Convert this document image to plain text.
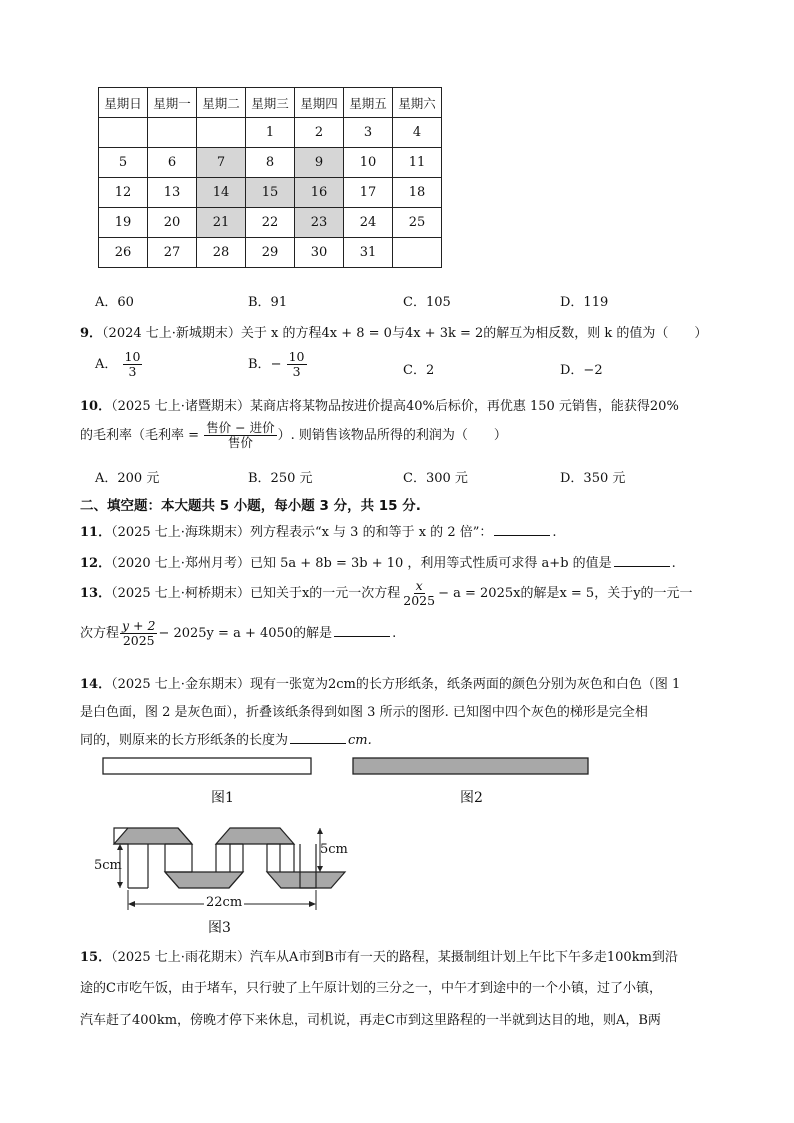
星期日	星期一	星期二	星期三	星期四	星期五	星期六
			1	2	3	4
5	6	7	8	9	10	11
12	13	14	15	16	17	18
19	20	21	22	23	24	25
26	27	28	29	30	31	
A．60	B．91	C．105	D．119
9．（2024 七上·新城期末）关于 x 的方程4x + 8 = 0与4x + 3k = 2的解互为相反数，则 k 的值为（　　）
A． $\frac{10}{3}$	B．− $\frac{10}{3}$	C．2	D．−2
10．（2025 七上·诸暨期末）某商店将某物品按进价提高40%后标价，再优惠 150 元销售，能获得20%
的毛利率（毛利率 = $\frac{\text{售价 − 进价}}{\text{售价}}$ ）. 则销售该物品所得的利润为（　　）
A．200 元	B．250 元	C．300 元	D．350 元
二、填空题：本大题共 5 小题，每小题 3 分，共 15 分.
11．（2025 七上·海珠期末）列方程表示“x 与 3 的和等于 x 的 2 倍”：	.
12．（2020 七上·郑州月考）已知 5a + 8b = 3b + 10 ，利用等式性质可求得 a+b 的值是	.
13．（2025 七上·柯桥期末）已知关于x的一元一次方程 $\frac{x}{2025} - a = 2025x$的解是x = 5，关于y的一元一
次方程 $\frac{y + 2}{2025} - 2025y = a + 4050$的解是	.
14．（2025 七上·金东期末）现有一张宽为2cm的长方形纸条，纸条两面的颜色分别为灰色和白色（图 1
是白色面，图 2 是灰色面），折叠该纸条得到如图 3 所示的图形. 已知图中四个灰色的梯形是完全相
同的，则原来的长方形纸条的长度为	cm.
图1	图2
5cm
5cm
22cm
图3
15．（2025 七上·雨花期末）汽车从A市到B市有一天的路程，某摄制组计划上午比下午多走100km到沿
途的C市吃午饭，由于堵车，只行驶了上午原计划的三分之一，中午才到途中的一个小镇，过了小镇，
汽车赶了400km，傍晚才停下来休息，司机说，再走C市到这里路程的一半就到达目的地，则A，B两
